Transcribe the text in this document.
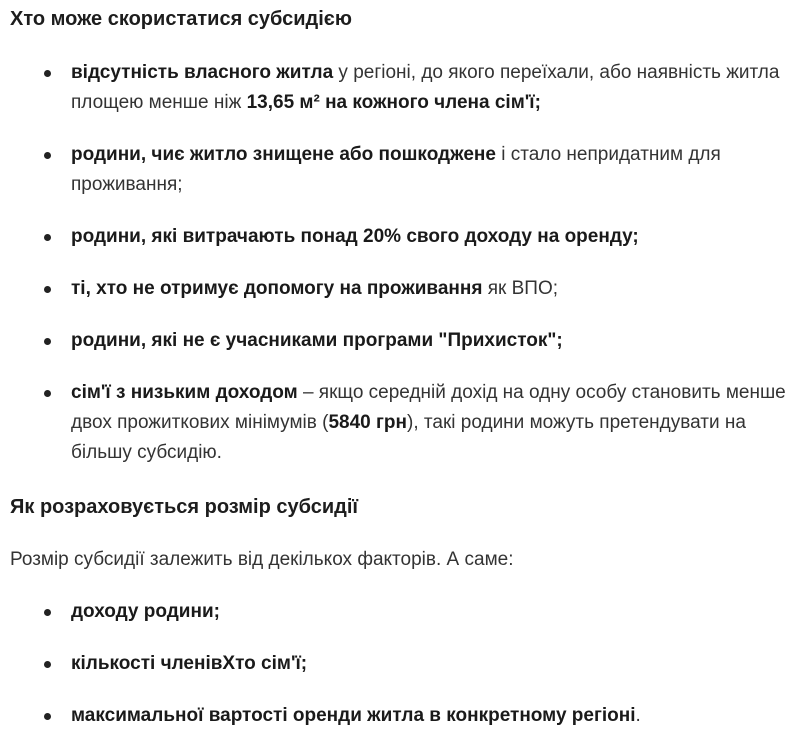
Хто може скористатися субсидією
відсутність власного житла у регіоні, до якого переїхали, або наявність житла площею менше ніж 13,65 м² на кожного члена сім'ї;
родини, чиє житло знищене або пошкоджене і стало непридатним для проживання;
родини, які витрачають понад 20% свого доходу на оренду;
ті, хто не отримує допомогу на проживання як ВПО;
родини, які не є учасниками програми "Прихисток";
сім'ї з низьким доходом – якщо середній дохід на одну особу становить менше двох прожиткових мінімумів (5840 грн), такі родини можуть претендувати на більшу субсидію.
Як розраховується розмір субсидії

Розмір субсидії залежить від декількох факторів. А саме:

доходу родини;
кількості членівХто сім'ї;
максимальної вартості оренди житла в конкретному регіоні.
